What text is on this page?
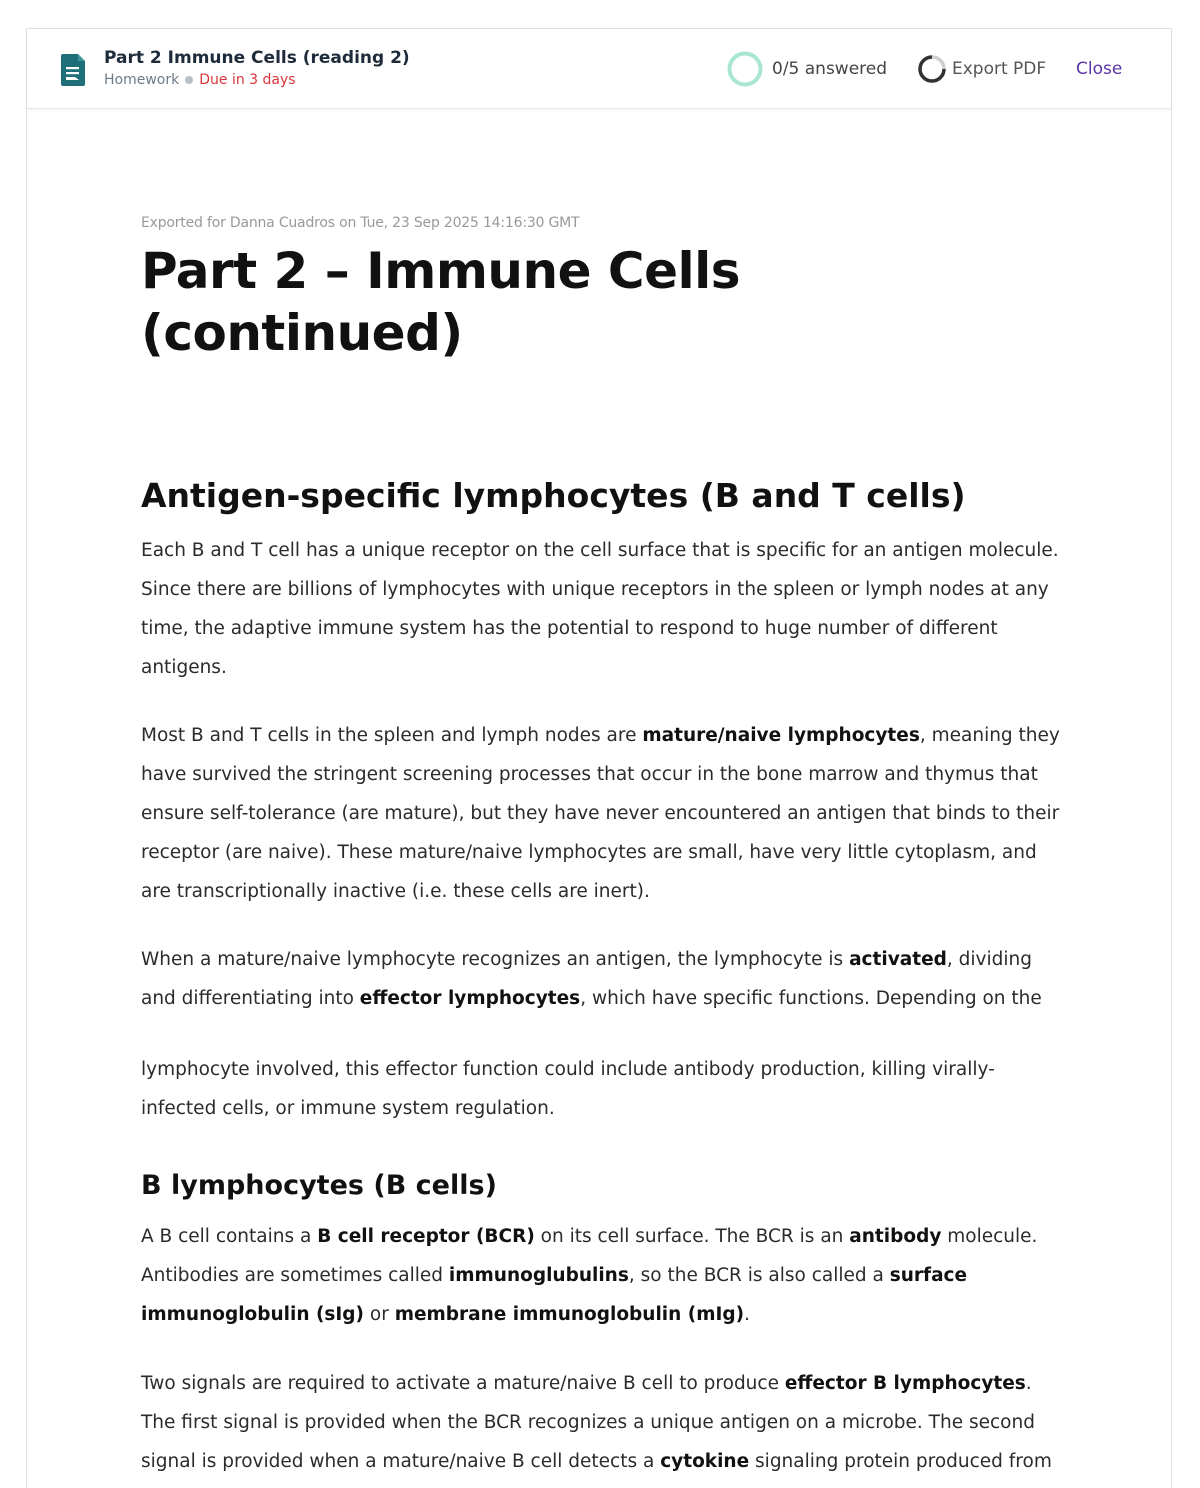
Part 2 Immune Cells (reading 2)
Homework Due in 3 days
0/5 answered	Export PDF Close
Exported for Danna Cuadros on Tue, 23 Sep 2025 14:16:30 GMT
Part 2 – Immune Cells (continued)
Antigen-specific lymphocytes (B and T cells)

Each B and T cell has a unique receptor on the cell surface that is specific for an antigen molecule. Since there are billions of lymphocytes with unique receptors in the spleen or lymph nodes at any time, the adaptive immune system has the potential to respond to huge number of different antigens.

Most B and T cells in the spleen and lymph nodes are mature/naive lymphocytes, meaning they have survived the stringent screening processes that occur in the bone marrow and thymus that ensure self-tolerance (are mature), but they have never encountered an antigen that binds to their receptor (are naive). These mature/naive lymphocytes are small, have very little cytoplasm, and are transcriptionally inactive (i.e. these cells are inert).

When a mature/naive lymphocyte recognizes an antigen, the lymphocyte is activated, dividing and differentiating into effector lymphocytes, which have specific functions. Depending on the

lymphocyte involved, this effector function could include antibody production, killing virally-infected cells, or immune system regulation.

B lymphocytes (B cells)

A B cell contains a B cell receptor (BCR) on its cell surface. The BCR is an antibody molecule. Antibodies are sometimes called immunoglubulins, so the BCR is also called a surface immunoglobulin (sIg) or membrane immunoglobulin (mIg).

Two signals are required to activate a mature/naive B cell to produce effector B lymphocytes. The first signal is provided when the BCR recognizes a unique antigen on a microbe. The second signal is provided when a mature/naive B cell detects a cytokine signaling protein produced from
